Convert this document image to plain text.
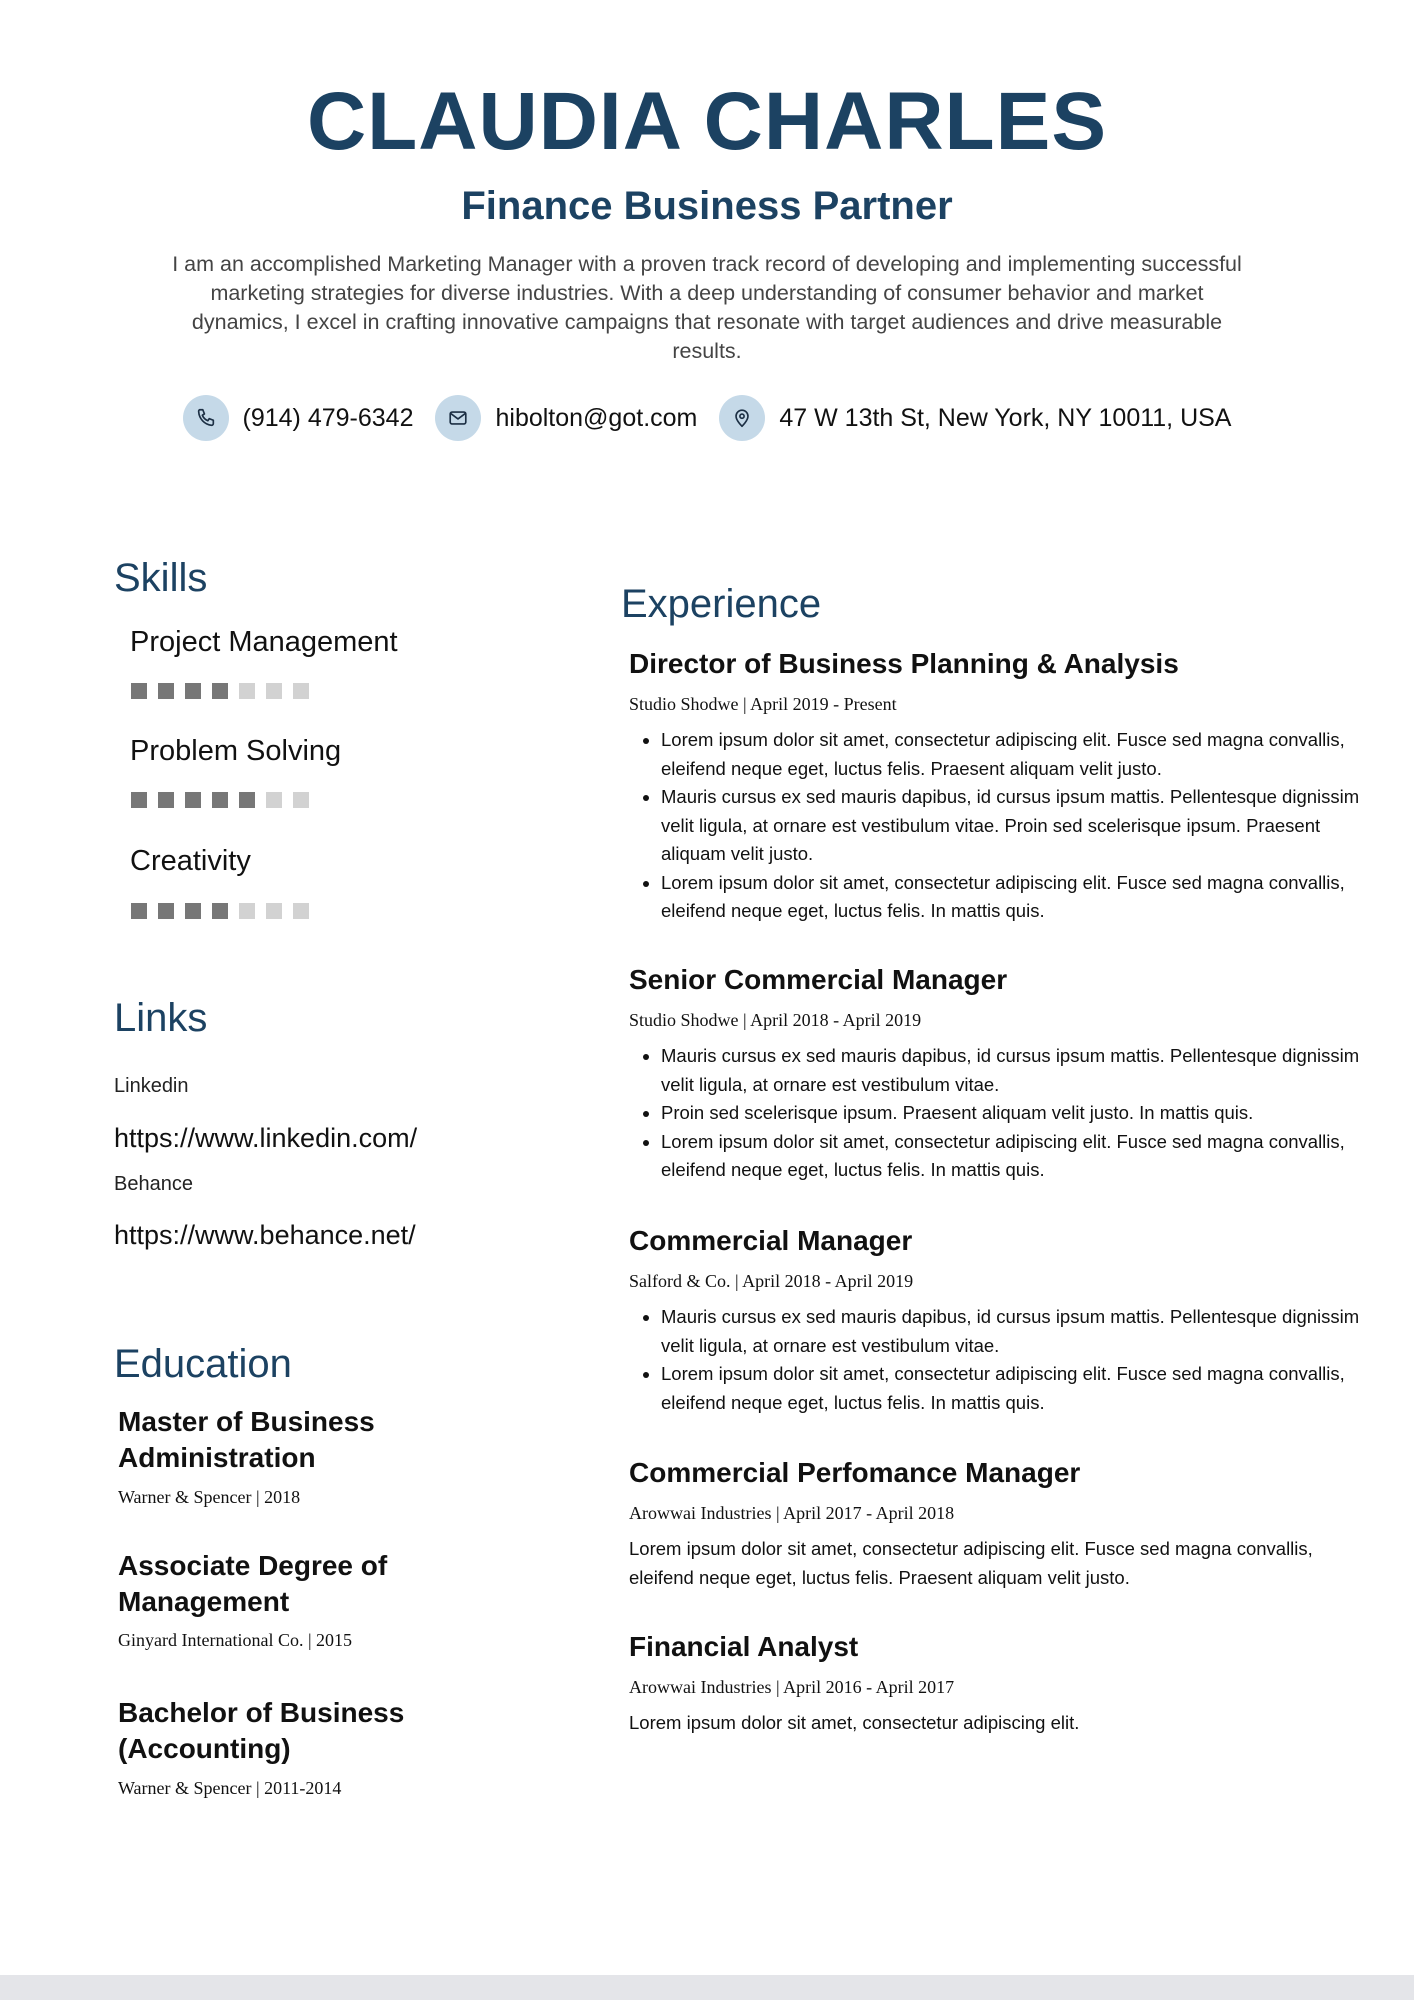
CLAUDIA CHARLES
Finance Business Partner
I am an accomplished Marketing Manager with a proven track record of developing and implementing successful marketing strategies for diverse industries. With a deep understanding of consumer behavior and market dynamics, I excel in crafting innovative campaigns that resonate with target audiences and drive measurable results.
(914) 479-6342	hibolton@got.com	47 W 13th St, New York, NY 10011, USA
Skills
Project Management
Problem Solving
Creativity
Links
Linkedin
https://www.linkedin.com/
Behance
https://www.behance.net/
Education
Master of Business Administration
Warner & Spencer | 2018
Associate Degree of Management
Ginyard International Co. | 2015
Bachelor of Business (Accounting)
Warner & Spencer | 2011-2014
Experience
Director of Business Planning & Analysis
Studio Shodwe | April 2019 - Present
• Lorem ipsum dolor sit amet, consectetur adipiscing elit. Fusce sed magna convallis, eleifend neque eget, luctus felis. Praesent aliquam velit justo.
• Mauris cursus ex sed mauris dapibus, id cursus ipsum mattis. Pellentesque dignissim velit ligula, at ornare est vestibulum vitae. Proin sed scelerisque ipsum. Praesent aliquam velit justo.
• Lorem ipsum dolor sit amet, consectetur adipiscing elit. Fusce sed magna convallis, eleifend neque eget, luctus felis. In mattis quis.
Senior Commercial Manager
Studio Shodwe | April 2018 - April 2019
• Mauris cursus ex sed mauris dapibus, id cursus ipsum mattis. Pellentesque dignissim velit ligula, at ornare est vestibulum vitae.
• Proin sed scelerisque ipsum. Praesent aliquam velit justo. In mattis quis.
• Lorem ipsum dolor sit amet, consectetur adipiscing elit. Fusce sed magna convallis, eleifend neque eget, luctus felis. In mattis quis.
Commercial Manager
Salford & Co. | April 2018 - April 2019
• Mauris cursus ex sed mauris dapibus, id cursus ipsum mattis. Pellentesque dignissim velit ligula, at ornare est vestibulum vitae.
• Lorem ipsum dolor sit amet, consectetur adipiscing elit. Fusce sed magna convallis, eleifend neque eget, luctus felis. In mattis quis.
Commercial Perfomance Manager
Arowwai Industries | April 2017 - April 2018
Lorem ipsum dolor sit amet, consectetur adipiscing elit. Fusce sed magna convallis, eleifend neque eget, luctus felis. Praesent aliquam velit justo.
Financial Analyst
Arowwai Industries | April 2016 - April 2017
Lorem ipsum dolor sit amet, consectetur adipiscing elit.
